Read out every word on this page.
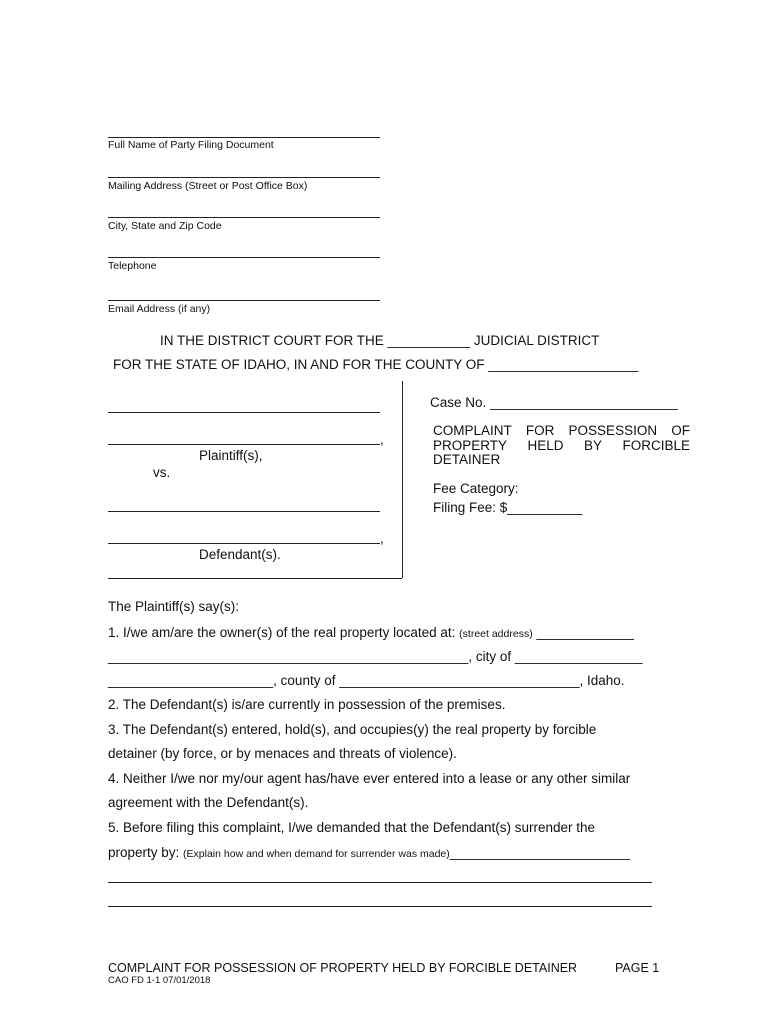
Full Name of Party Filing Document
Mailing Address (Street or Post Office Box)
City, State and Zip Code
Telephone
Email Address (if any)
IN THE DISTRICT COURT FOR THE ___________ JUDICIAL DISTRICT
FOR THE STATE OF IDAHO, IN AND FOR THE COUNTY OF ____________________
,
Plaintiff(s),
vs.
,
Defendant(s).
Case No. _________________________
COMPLAINT FOR POSSESSION OF
PROPERTY HELD BY FORCIBLE
DETAINER
Fee Category:
Filing Fee: $__________
The Plaintiff(s) say(s):
1. I/we am/are the owner(s) of the real property located at: (street address) _____________
________________________________________________, city of _________________
______________________, county of ________________________________, Idaho.
2. The Defendant(s) is/are currently in possession of the premises.
3. The Defendant(s) entered, hold(s), and occupies(y) the real property by forcible
detainer (by force, or by menaces and threats of violence).
4. Neither I/we nor my/our agent has/have ever entered into a lease or any other similar
agreement with the Defendant(s).
5. Before filing this complaint, I/we demanded that the Defendant(s) surrender the
property by: (Explain how and when demand for surrender was made)________________________
COMPLAINT FOR POSSESSION OF PROPERTY HELD BY FORCIBLE DETAINER	PAGE 1
CAO FD 1-1 07/01/2018
